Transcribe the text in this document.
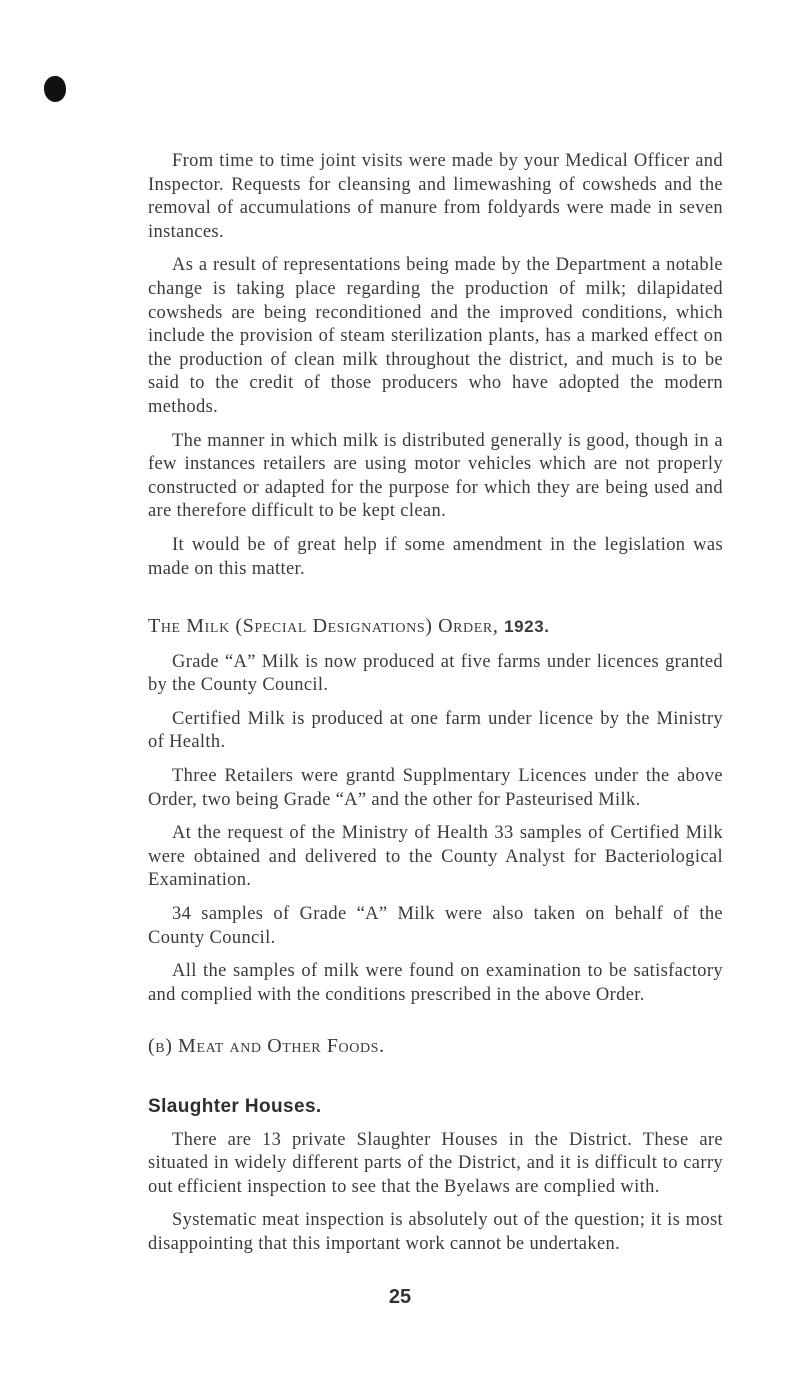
From time to time joint visits were made by your Medical Officer and Inspector. Requests for cleansing and limewashing of cowsheds and the removal of accumulations of manure from foldyards were made in seven instances.

As a result of representations being made by the Department a notable change is taking place regarding the production of milk; dilapidated cowsheds are being reconditioned and the improved conditions, which include the provision of steam sterilization plants, has a marked effect on the production of clean milk throughout the district, and much is to be said to the credit of those producers who have adopted the modern methods.

The manner in which milk is distributed generally is good, though in a few instances retailers are using motor vehicles which are not properly constructed or adapted for the purpose for which they are being used and are therefore difficult to be kept clean.

It would be of great help if some amendment in the legislation was made on this matter.

The Milk (Special Designations) Order, 1923.

Grade “A” Milk is now produced at five farms under licences granted by the County Council.

Certified Milk is produced at one farm under licence by the Ministry of Health.

Three Retailers were grantd Supplmentary Licences under the above Order, two being Grade “A” and the other for Pasteurised Milk.

At the request of the Ministry of Health 33 samples of Certified Milk were obtained and delivered to the County Analyst for Bacteriological Examination.

34 samples of Grade “A” Milk were also taken on behalf of the County Council.

All the samples of milk were found on examination to be satisfactory and complied with the conditions prescribed in the above Order.

(b) Meat and Other Foods.
Slaughter Houses.

There are 13 private Slaughter Houses in the District. These are situated in widely different parts of the District, and it is difficult to carry out efficient inspection to see that the Byelaws are complied with.

Systematic meat inspection is absolutely out of the question; it is most disappointing that this important work cannot be undertaken.

25
